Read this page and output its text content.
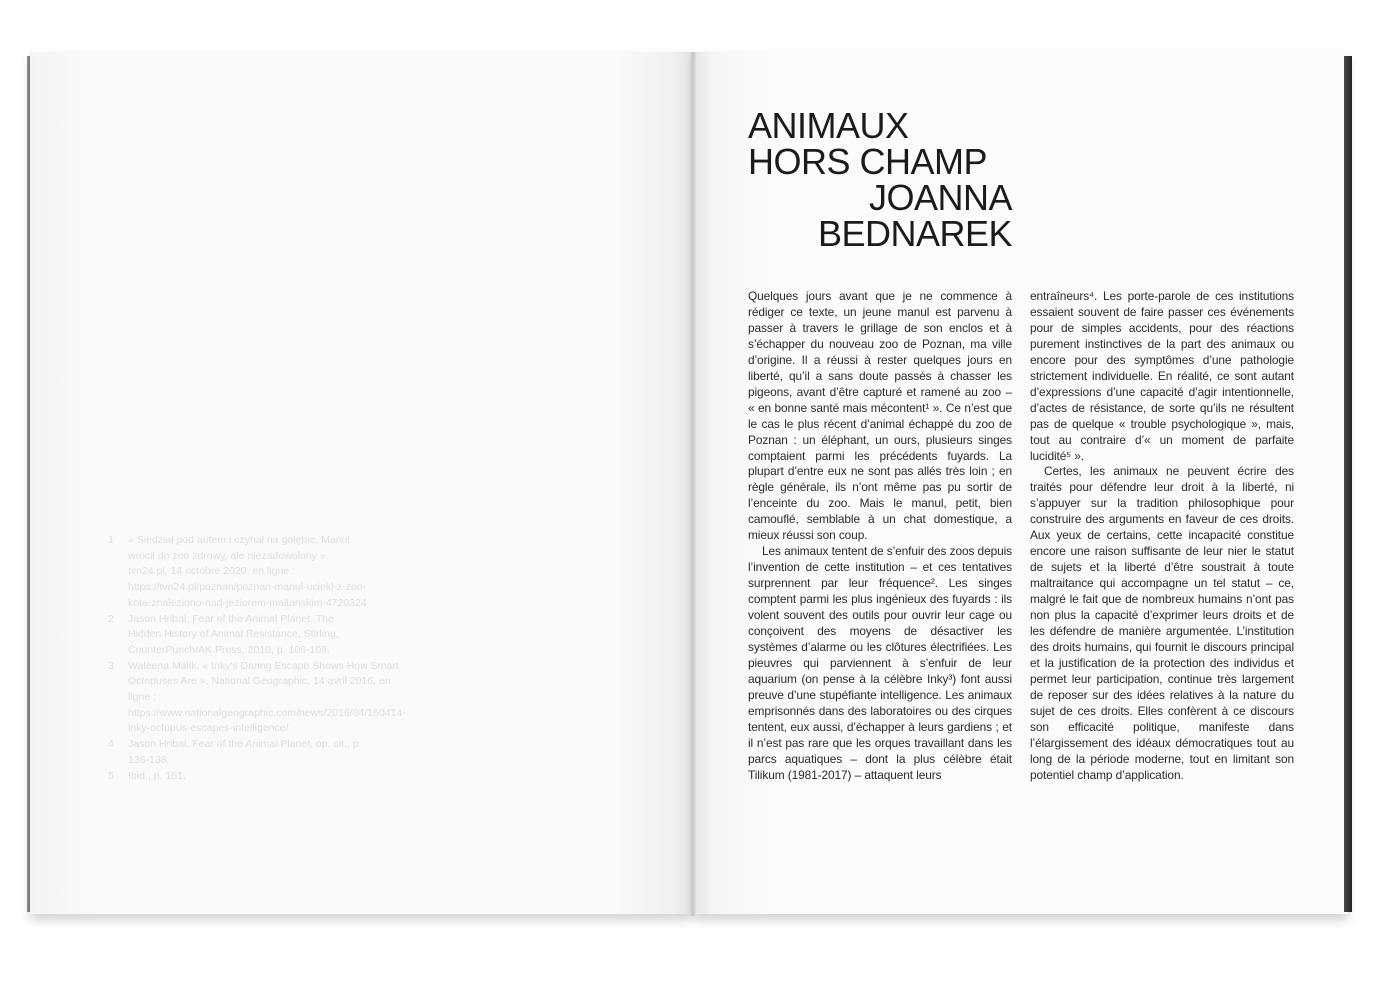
1	« Siedział pod autem i czyhał na gołębie. Manul wrócił do zoo zdrowy, ale niezadowolony », tvn24.pl, 14 octobre 2020, en ligne : https://tvn24.pl/poznan/poznan-manul-uciekl-z-zoo-kota-znaleziono-nad-jeziorem-maltanskim-4720324
2	Jason Hribal, Fear of the Animal Planet. The Hidden History of Animal Resistance, Stirling, CounterPunch/AK Press, 2010, p. 106-108.
3	Waleena Mallk, « Inky's Daring Escape Shows How Smart Octopuses Are », National Geographic, 14 avril 2016, en ligne : https://www.nationalgeographic.com/news/2016/04/160414-inky-octopus-escapes-intelligence/
4	Jason Hribal, Fear of the Animal Planet, op. cit., p. 136-138.
5	Ibid., p. 151.
ANIMAUX
HORS CHAMP
JOANNA
BEDNAREK

Quelques jours avant que je ne commence à rédiger ce texte, un jeune manul est parvenu à passer à travers le grillage de son enclos et à s’échapper du nouveau zoo de Poznan, ma ville d’origine. Il a réussi à rester quelques jours en liberté, qu’il a sans doute passés à chasser les pigeons, avant d’être capturé et ramené au zoo – « en bonne santé mais mécontent¹ ». Ce n’est que le cas le plus récent d’animal échappé du zoo de Poznan : un éléphant, un ours, plusieurs singes comptaient parmi les précédents fuyards. La plupart d’entre eux ne sont pas allés très loin ; en règle générale, ils n’ont même pas pu sortir de l’enceinte du zoo. Mais le manul, petit, bien camouflé, semblable à un chat domestique, a mieux réussi son coup.

Les animaux tentent de s’enfuir des zoos depuis l’invention de cette institution – et ces tentatives surprennent par leur fréquence². Les singes comptent parmi les plus ingénieux des fuyards : ils volent souvent des outils pour ouvrir leur cage ou conçoivent des moyens de désactiver les systèmes d’alarme ou les clôtures électrifiées. Les pieuvres qui parviennent à s’enfuir de leur aquarium (on pense à la célèbre Inky³) font aussi preuve d’une stupéfiante intelligence. Les animaux emprisonnés dans des laboratoires ou des cirques tentent, eux aussi, d’échapper à leurs gardiens ; et il n’est pas rare que les orques travaillant dans les parcs aquatiques – dont la plus célèbre était Tilikum (1981-2017) – attaquent leurs

entraîneurs⁴. Les porte-parole de ces institutions essaient souvent de faire passer ces événements pour de simples accidents, pour des réactions purement instinctives de la part des animaux ou encore pour des symptômes d’une pathologie strictement individuelle. En réalité, ce sont autant d’expressions d’une capacité d’agir intentionnelle, d’actes de résistance, de sorte qu’ils ne résultent pas de quelque « trouble psychologique », mais, tout au contraire d’« un moment de parfaite lucidité⁵ ».

Certes, les animaux ne peuvent écrire des traités pour défendre leur droit à la liberté, ni s’appuyer sur la tradition philosophique pour construire des arguments en faveur de ces droits. Aux yeux de certains, cette incapacité constitue encore une raison suffisante de leur nier le statut de sujets et la liberté d’être soustrait à toute maltraitance qui accompagne un tel statut – ce, malgré le fait que de nombreux humains n’ont pas non plus la capacité d’exprimer leurs droits et de les défendre de manière argumentée. L’institution des droits humains, qui fournit le discours principal et la justification de la protection des individus et permet leur participation, continue très largement de reposer sur des idées relatives à la nature du sujet de ces droits. Elles confèrent à ce discours son efficacité politique, manifeste dans l’élargissement des idéaux démocratiques tout au long de la période moderne, tout en limitant son potentiel champ d’application.
